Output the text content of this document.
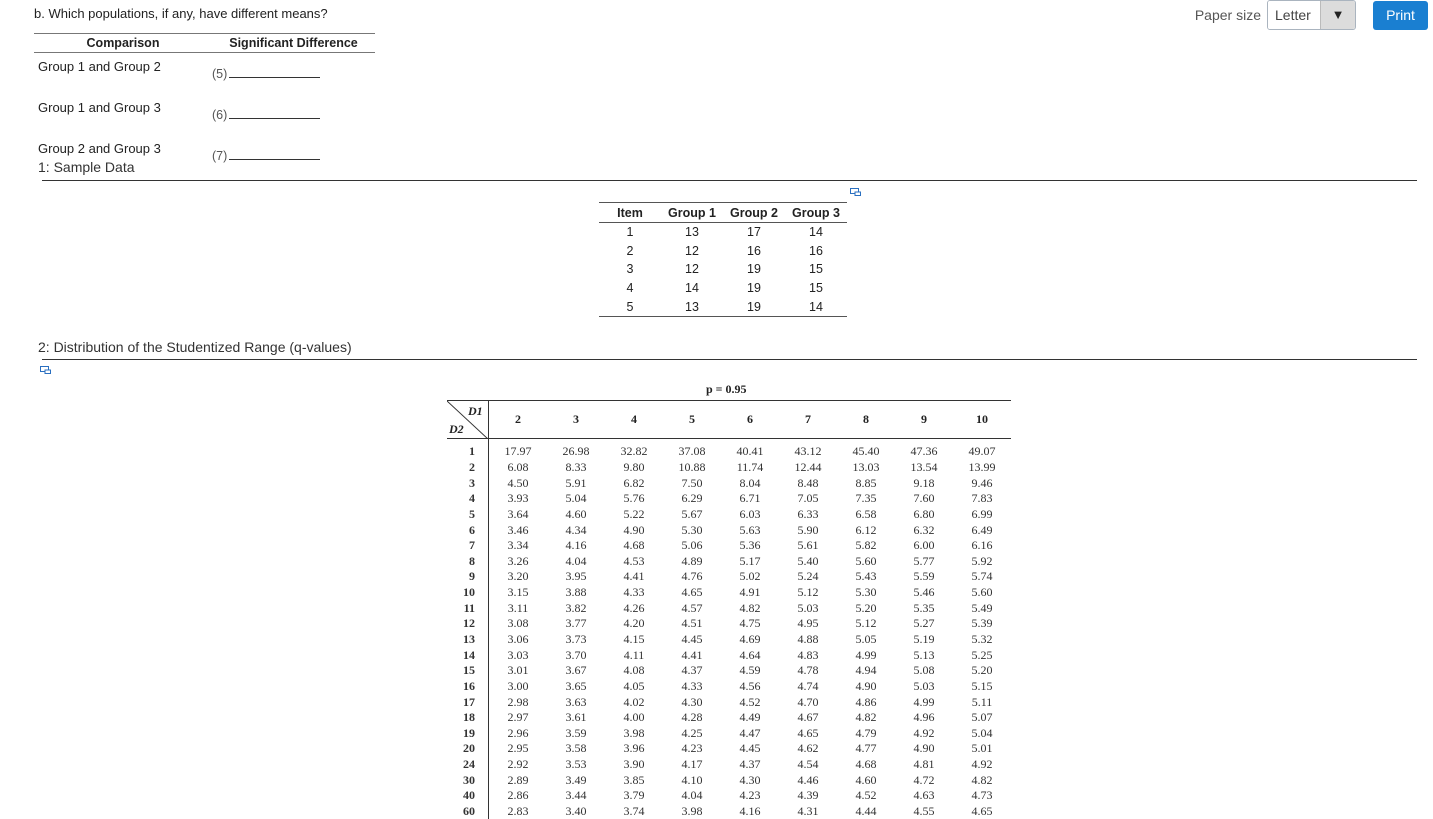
b. Which populations, if any, have different means?	Paper size	Letter	▼	Print
Comparison	Significant Difference
Group 1 and Group 2	(5)
Group 1 and Group 3	(6)
Group 2 and Group 3	(7)
1: Sample Data
Item	Group 1	Group 2	Group 3
1	13	17	14
2	12	16	16
3	12	19	15
4	14	19	15
5	13	19	14
2: Distribution of the Studentized Range (q-values)
p = 0.95
D1
D2	2	3	4	5	6	7	8	9	10
1	17.97	26.98	32.82	37.08	40.41	43.12	45.40	47.36	49.07
2	6.08	8.33	9.80	10.88	11.74	12.44	13.03	13.54	13.99
3	4.50	5.91	6.82	7.50	8.04	8.48	8.85	9.18	9.46
4	3.93	5.04	5.76	6.29	6.71	7.05	7.35	7.60	7.83
5	3.64	4.60	5.22	5.67	6.03	6.33	6.58	6.80	6.99
6	3.46	4.34	4.90	5.30	5.63	5.90	6.12	6.32	6.49
7	3.34	4.16	4.68	5.06	5.36	5.61	5.82	6.00	6.16
8	3.26	4.04	4.53	4.89	5.17	5.40	5.60	5.77	5.92
9	3.20	3.95	4.41	4.76	5.02	5.24	5.43	5.59	5.74
10	3.15	3.88	4.33	4.65	4.91	5.12	5.30	5.46	5.60
11	3.11	3.82	4.26	4.57	4.82	5.03	5.20	5.35	5.49
12	3.08	3.77	4.20	4.51	4.75	4.95	5.12	5.27	5.39
13	3.06	3.73	4.15	4.45	4.69	4.88	5.05	5.19	5.32
14	3.03	3.70	4.11	4.41	4.64	4.83	4.99	5.13	5.25
15	3.01	3.67	4.08	4.37	4.59	4.78	4.94	5.08	5.20
16	3.00	3.65	4.05	4.33	4.56	4.74	4.90	5.03	5.15
17	2.98	3.63	4.02	4.30	4.52	4.70	4.86	4.99	5.11
18	2.97	3.61	4.00	4.28	4.49	4.67	4.82	4.96	5.07
19	2.96	3.59	3.98	4.25	4.47	4.65	4.79	4.92	5.04
20	2.95	3.58	3.96	4.23	4.45	4.62	4.77	4.90	5.01
24	2.92	3.53	3.90	4.17	4.37	4.54	4.68	4.81	4.92
30	2.89	3.49	3.85	4.10	4.30	4.46	4.60	4.72	4.82
40	2.86	3.44	3.79	4.04	4.23	4.39	4.52	4.63	4.73
60	2.83	3.40	3.74	3.98	4.16	4.31	4.44	4.55	4.65
